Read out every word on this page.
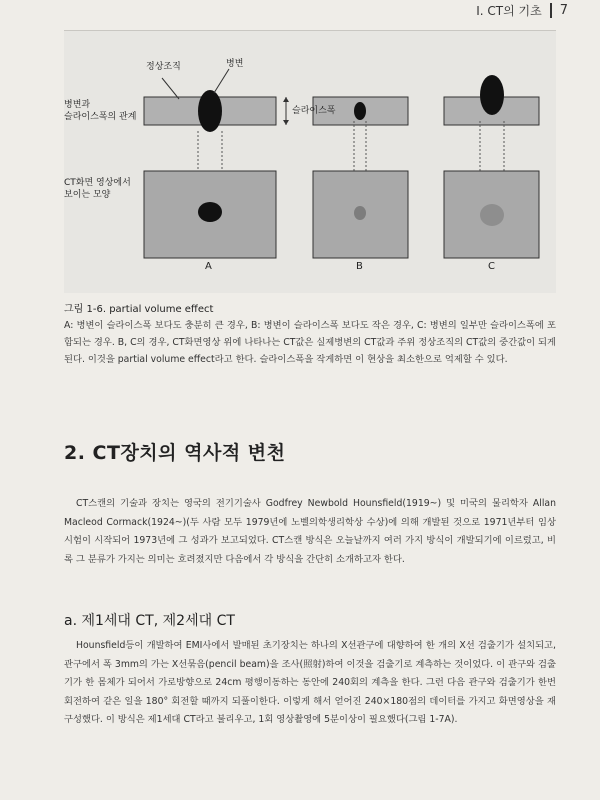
I. CT의 기초 7
정상조직	병변
병변과
슬라이스폭의 관계
슬라이스폭
CT화면 영상에서
보이는 모양
A	B	C
그림 1-6. partial volume effect
A: 병변이 슬라이스폭 보다도 충분히 큰 경우, B: 병변이 슬라이스폭 보다도 작은 경우, C: 병변의 일부만 슬라이스폭에 포함되는 경우. B, C의 경우, CT화면영상 위에 나타나는 CT값은 실제병변의 CT값과 주위 정상조직의 CT값의 중간값이 되게 된다. 이것을 partial volume effect라고 한다. 슬라이스폭을 작게하면 이 현상을 최소한으로 억제할 수 있다.
2. CT장치의 역사적 변천
CT스캔의 기술과 장치는 영국의 전기기술사 Godfrey Newbold Hounsfield(1919~) 및 미국의 물리학자 Allan Macleod Cormack(1924~)(두 사람 모두 1979년에 노벨의학생리학상 수상)에 의해 개발된 것으로 1971년부터 임상시험이 시작되어 1973년에 그 성과가 보고되었다. CT스캔 방식은 오늘날까지 여러 가지 방식이 개발되기에 이르렀고, 비록 그 분류가 가지는 의미는 흐려졌지만 다음에서 각 방식을 간단히 소개하고자 한다.
a. 제1세대 CT, 제2세대 CT
Hounsfield등이 개발하여 EMI사에서 발매된 초기장치는 하나의 X선관구에 대향하여 한 개의 X선 검출기가 설치되고, 관구에서 폭 3mm의 가는 X선묶음(pencil beam)을 조사(照射)하여 이것을 검출기로 계측하는 것이었다. 이 관구와 검출기가 한 몸체가 되어서 가로방향으로 24cm 평행이동하는 동안에 240회의 계측을 한다. 그런 다음 관구와 검출기가 한번 회전하여 같은 일을 180° 회전할 때까지 되풀이한다. 이렇게 해서 얻어진 240×180점의 데이터를 가지고 화면영상을 재구성했다. 이 방식은 제1세대 CT라고 불리우고, 1회 영상촬영에 5분이상이 필요했다(그림 1-7A).
